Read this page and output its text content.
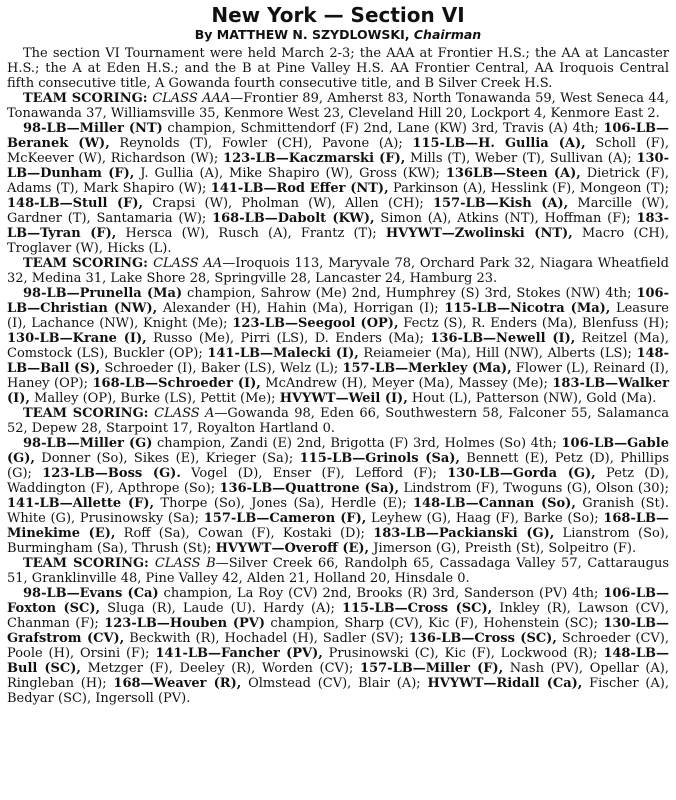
New York — Section VI
By MATTHEW N. SZYDLOWSKI, Chairman

The section VI Tournament were held March 2-3; the AAA at Frontier H.S.; the AA at Lancaster H.S.; the A at Eden H.S.; and the B at Pine Valley H.S. AA Frontier Central, AA Iroquois Central fifth consecutive title, A Gowanda fourth consecutive title, and B Silver Creek H.S.

TEAM SCORING: CLASS AAA—Frontier 89, Amherst 83, North Tonawanda 59, West Seneca 44, Tonawanda 37, Williamsville 35, Kenmore West 23, Cleveland Hill 20, Lockport 4, Kenmore East 2.

98-LB—Miller (NT) champion, Schmittendorf (F) 2nd, Lane (KW) 3rd, Travis (A) 4th; 106-LB—Beranek (W), Reynolds (T), Fowler (CH), Pavone (A); 115-LB—H. Gullia (A), Scholl (F), McKeever (W), Richardson (W); 123-LB—Kaczmarski (F), Mills (T), Weber (T), Sullivan (A); 130-LB—Dunham (F), J. Gullia (A), Mike Shapiro (W), Gross (KW); 136LB—Steen (A), Dietrick (F), Adams (T), Mark Shapiro (W); 141-LB—Rod Effer (NT), Parkinson (A), Hesslink (F), Mongeon (T); 148-LB—Stull (F), Crapsi (W), Pholman (W), Allen (CH); 157-LB—Kish (A), Marcille (W), Gardner (T), Santamaria (W); 168-LB—Dabolt (KW), Simon (A), Atkins (NT), Hoffman (F); 183-LB—Tyran (F), Hersca (W), Rusch (A), Frantz (T); HVYWT—Zwolinski (NT), Macro (CH), Troglaver (W), Hicks (L).

TEAM SCORING: CLASS AA—Iroquois 113, Maryvale 78, Orchard Park 32, Niagara Wheatfield 32, Medina 31, Lake Shore 28, Springville 28, Lancaster 24, Hamburg 23.

98-LB—Prunella (Ma) champion, Sahrow (Me) 2nd, Humphrey (S) 3rd, Stokes (NW) 4th; 106-LB—Christian (NW), Alexander (H), Hahin (Ma), Horrigan (I); 115-LB—Nicotra (Ma), Leasure (I), Lachance (NW), Knight (Me); 123-LB—Seegool (OP), Fectz (S), R. Enders (Ma), Blenfuss (H); 130-LB—Krane (I), Russo (Me), Pirri (LS), D. Enders (Ma); 136-LB—Newell (I), Reitzel (Ma), Comstock (LS), Buckler (OP); 141-LB—Malecki (I), Reiameier (Ma), Hill (NW), Alberts (LS); 148-LB—Ball (S), Schroeder (I), Baker (LS), Welz (L); 157-LB—Merkley (Ma), Flower (L), Reinard (I), Haney (OP); 168-LB—Schroeder (I), McAndrew (H), Meyer (Ma), Massey (Me); 183-LB—Walker (I), Malley (OP), Burke (LS), Pettit (Me); HVYWT—Weil (I), Hout (L), Patterson (NW), Gold (Ma).

TEAM SCORING: CLASS A—Gowanda 98, Eden 66, Southwestern 58, Falconer 55, Salamanca 52, Depew 28, Starpoint 17, Royalton Hartland 0.

98-LB—Miller (G) champion, Zandi (E) 2nd, Brigotta (F) 3rd, Holmes (So) 4th; 106-LB—Gable (G), Donner (So), Sikes (E), Krieger (Sa); 115-LB—Grinols (Sa), Bennett (E), Petz (D), Phillips (G); 123-LB—Boss (G). Vogel (D), Enser (F), Lefford (F); 130-LB—Gorda (G), Petz (D), Waddington (F), Apthrope (So); 136-LB—Quattrone (Sa), Lindstrom (F), Twoguns (G), Olson (30); 141-LB—Allette (F), Thorpe (So), Jones (Sa), Herdle (E); 148-LB—Cannan (So), Granish (St). White (G), Prusinowsky (Sa); 157-LB—Cameron (F), Leyhew (G), Haag (F), Barke (So); 168-LB—Minekime (E), Roff (Sa), Cowan (F), Kostaki (D); 183-LB—Packianski (G), Lianstrom (So), Burmingham (Sa), Thrush (St); HVYWT—Overoff (E), Jimerson (G), Preisth (St), Solpeitro (F).

TEAM SCORING: CLASS B—Silver Creek 66, Randolph 65, Cassadaga Valley 57, Cattaraugus 51, Granklinville 48, Pine Valley 42, Alden 21, Holland 20, Hinsdale 0.

98-LB—Evans (Ca) champion, La Roy (CV) 2nd, Brooks (R) 3rd, Sanderson (PV) 4th; 106-LB—Foxton (SC), Sluga (R), Laude (U). Hardy (A); 115-LB—Cross (SC), Inkley (R), Lawson (CV), Chanman (F); 123-LB—Houben (PV) champion, Sharp (CV), Kic (F), Hohenstein (SC); 130-LB—Grafstrom (CV), Beckwith (R), Hochadel (H), Sadler (SV); 136-LB—Cross (SC), Schroeder (CV), Poole (H), Orsini (F); 141-LB—Fancher (PV), Prusinowski (C), Kic (F), Lockwood (R); 148-LB—Bull (SC), Metzger (F), Deeley (R), Worden (CV); 157-LB—Miller (F), Nash (PV), Opellar (A), Ringleban (H); 168—Weaver (R), Olmstead (CV), Blair (A); HVYWT—Ridall (Ca), Fischer (A), Bedyar (SC), Ingersoll (PV).
